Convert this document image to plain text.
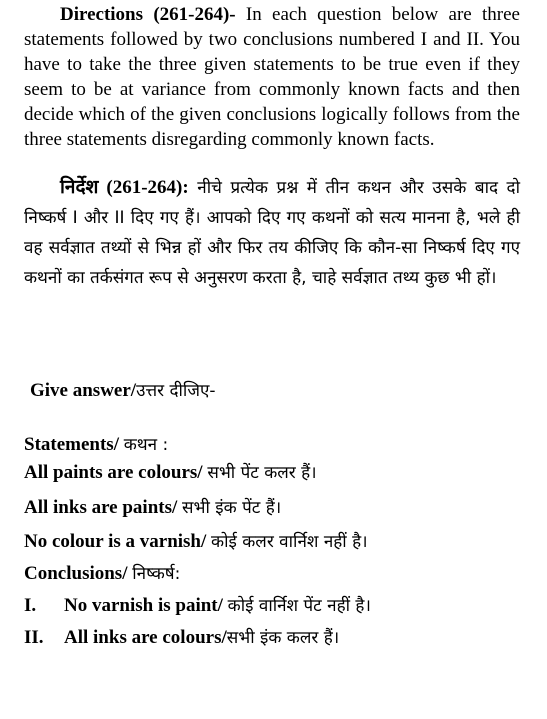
Directions (261-264)- In each question below are three statements followed by two conclusions numbered I and II. You have to take the three given statements to be true even if they seem to be at variance from commonly known facts and then decide which of the given conclusions logically follows from the three statements disregarding commonly known facts.

निर्देश (261-264): नीचे प्रत्येक प्रश्न में तीन कथन और उसके बाद दो निष्कर्ष I और II दिए गए हैं। आपको दिए गए कथनों को सत्य मानना है, भले ही वह सर्वज्ञात तथ्यों से भिन्न हों और फिर तय कीजिए कि कौन-सा निष्कर्ष दिए गए कथनों का तर्कसंगत रूप से अनुसरण करता है, चाहे सर्वज्ञात तथ्य कुछ भी हों।

Give answer/उत्तर दीजिए-

Statements/ कथन :

All paints are colours/ सभी पेंट कलर हैं।

All inks are paints/ सभी इंक पेंट हैं।

No colour is a varnish/ कोई कलर वार्निश नहीं है।

Conclusions/ निष्कर्ष:

I. No varnish is paint/ कोई वार्निश पेंट नहीं है।

II. All inks are colours/सभी इंक कलर हैं।
